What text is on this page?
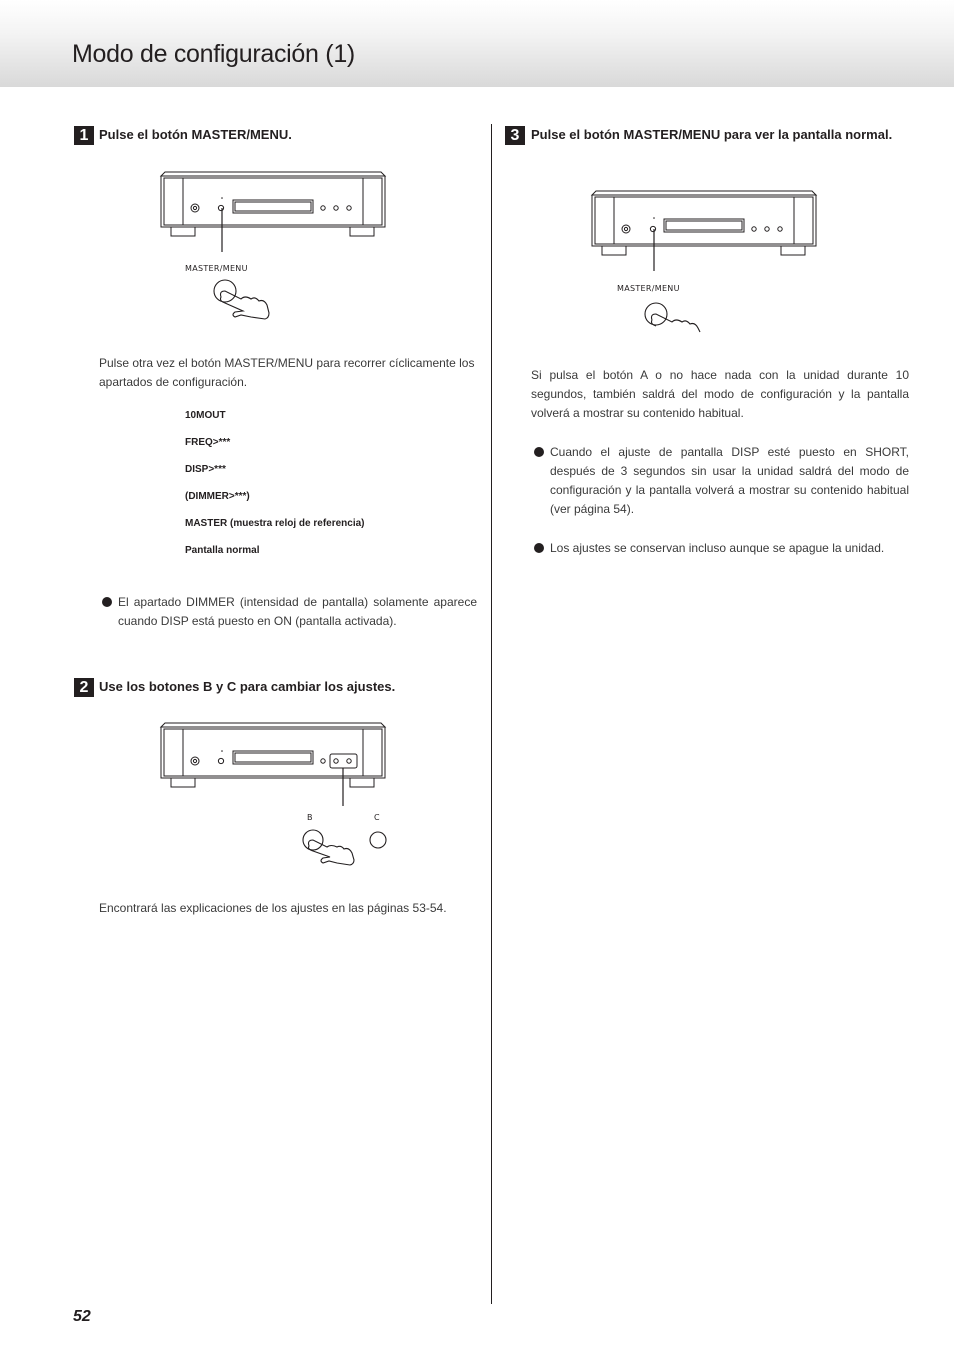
Modo de configuración (1)
1 Pulse el botón MASTER/MENU.

MASTER/MENU

Pulse otra vez el botón MASTER/MENU para recorrer cíclicamente los apartados de configuración.

10MOUT
FREQ>***
DISP>***
(DIMMER>***)
MASTER (muestra reloj de referencia)
Pantalla normal

El apartado DIMMER (intensidad de pantalla) solamente aparece cuando DISP está puesto en ON (pantalla activada).

2 Use los botones B y C para cambiar los ajustes.

B	C

Encontrará las explicaciones de los ajustes en las páginas 53-54.

3 Pulse el botón MASTER/MENU para ver la pantalla normal.

MASTER/MENU

Si pulsa el botón A o no hace nada con la unidad durante 10 segundos, también saldrá del modo de configuración y la pantalla volverá a mostrar su contenido habitual.

Cuando el ajuste de pantalla DISP esté puesto en SHORT, después de 3 segundos sin usar la unidad saldrá del modo de configuración y la pantalla volverá a mostrar su contenido habitual (ver página 54).

Los ajustes se conservan incluso aunque se apague la unidad.

52
